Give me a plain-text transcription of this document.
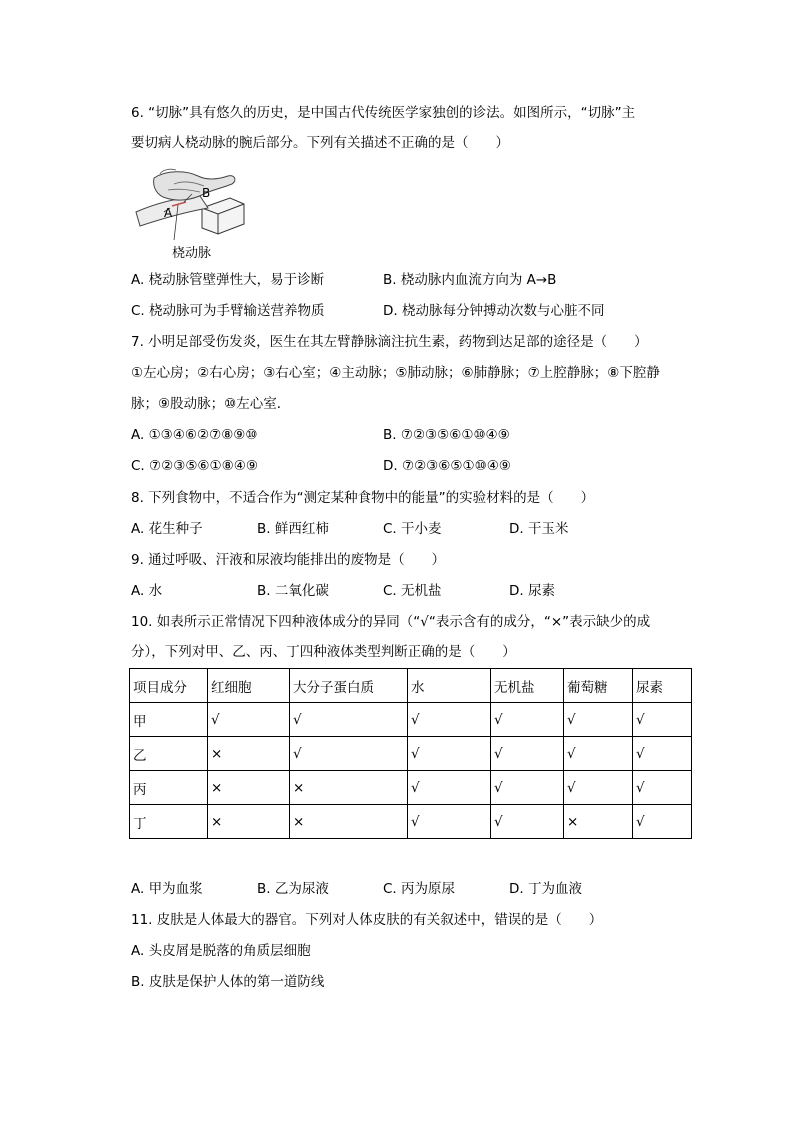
6. “切脉”具有悠久的历史，是中国古代传统医学家独创的诊法。如图所示，“切脉”主
要切病人桡动脉的腕后部分。下列有关描述不正确的是（　　）
A
B
桡动脉
A. 桡动脉管壁弹性大，易于诊断	B. 桡动脉内血流方向为 A→B
C. 桡动脉可为手臂输送营养物质	D. 桡动脉每分钟搏动次数与心脏不同
7. 小明足部受伤发炎，医生在其左臂静脉滴注抗生素，药物到达足部的途径是（　　）
①左心房；②右心房；③右心室；④主动脉；⑤肺动脉；⑥肺静脉；⑦上腔静脉；⑧下腔静
脉；⑨股动脉；⑩左心室．
A. ①③④⑥②⑦⑧⑨⑩	B. ⑦②③⑤⑥①⑩④⑨
C. ⑦②③⑤⑥①⑧④⑨	D. ⑦②③⑥⑤①⑩④⑨
8. 下列食物中，不适合作为“测定某种食物中的能量”的实验材料的是（　　）
A. 花生种子	B. 鲜西红柿	C. 干小麦	D. 干玉米
9. 通过呼吸、汗液和尿液均能排出的废物是（　　）
A. 水	B. 二氧化碳	C. 无机盐	D. 尿素
10. 如表所示正常情况下四种液体成分的异同（“√“表示含有的成分，“×”表示缺少的成
分），下列对甲、乙、丙、丁四种液体类型判断正确的是（　　）
项目成分	红细胞	大分子蛋白质	水	无机盐	葡萄糖	尿素
甲	√	√	√	√	√	√
乙	×	√	√	√	√	√
丙	×	×	√	√	√	√
丁	×	×	√	√	×	√
A. 甲为血浆	B. 乙为尿液	C. 丙为原尿	D. 丁为血液
11. 皮肤是人体最大的器官。下列对人体皮肤的有关叙述中，错误的是（　　）
A. 头皮屑是脱落的角质层细胞
B. 皮肤是保护人体的第一道防线
